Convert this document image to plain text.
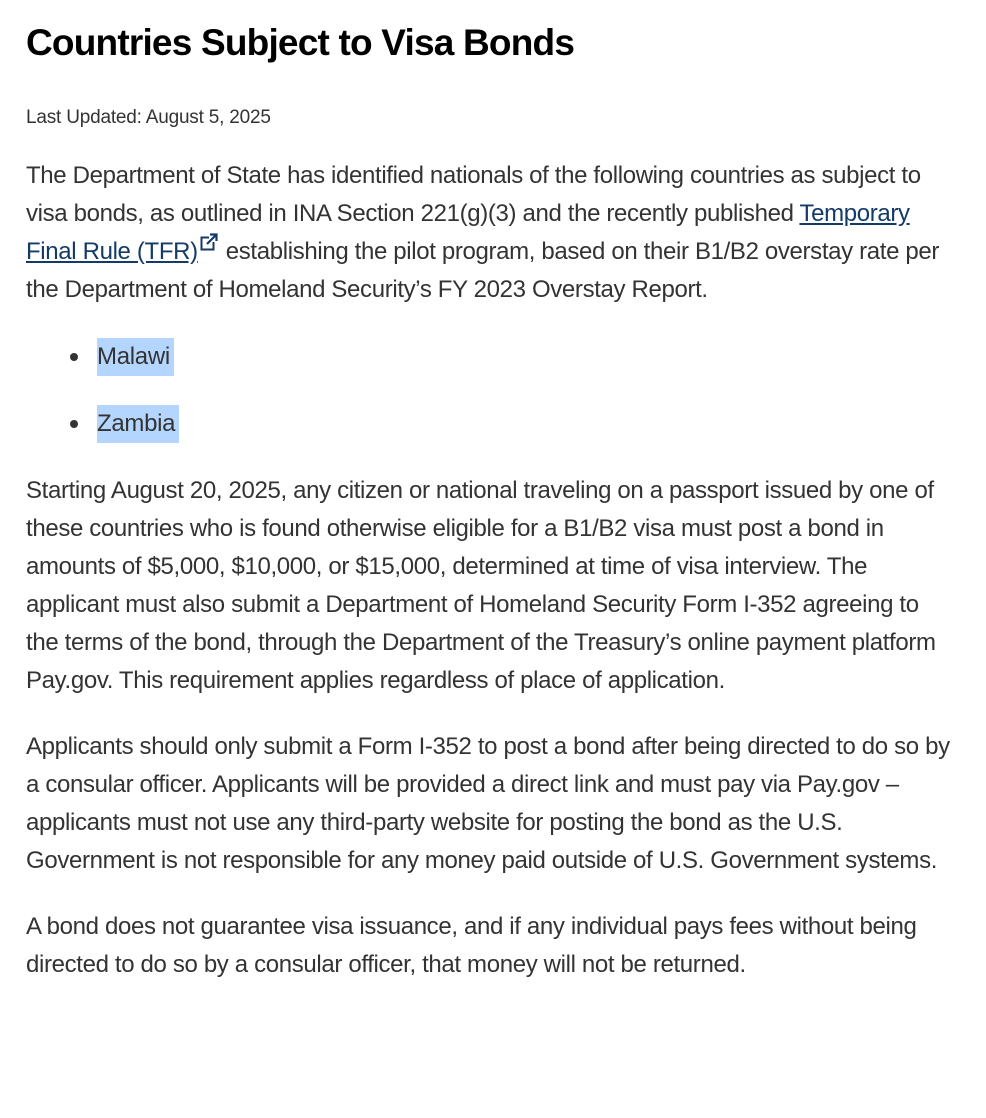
Countries Subject to Visa Bonds
Last Updated: August 5, 2025

The Department of State has identified nationals of the following countries as subject to visa bonds, as outlined in INA Section 221(g)(3) and the recently published Temporary Final Rule (TFR) establishing the pilot program, based on their B1/B2 overstay rate per the Department of Homeland Security’s FY 2023 Overstay Report.

Malawi
Zambia

Starting August 20, 2025, any citizen or national traveling on a passport issued by one of these countries who is found otherwise eligible for a B1/B2 visa must post a bond in amounts of $5,000, $10,000, or $15,000, determined at time of visa interview. The applicant must also submit a Department of Homeland Security Form I-352 agreeing to the terms of the bond, through the Department of the Treasury’s online payment platform Pay.gov. This requirement applies regardless of place of application.

Applicants should only submit a Form I-352 to post a bond after being directed to do so by a consular officer. Applicants will be provided a direct link and must pay via Pay.gov – applicants must not use any third-party website for posting the bond as the U.S. Government is not responsible for any money paid outside of U.S. Government systems.

A bond does not guarantee visa issuance, and if any individual pays fees without being directed to do so by a consular officer, that money will not be returned.
